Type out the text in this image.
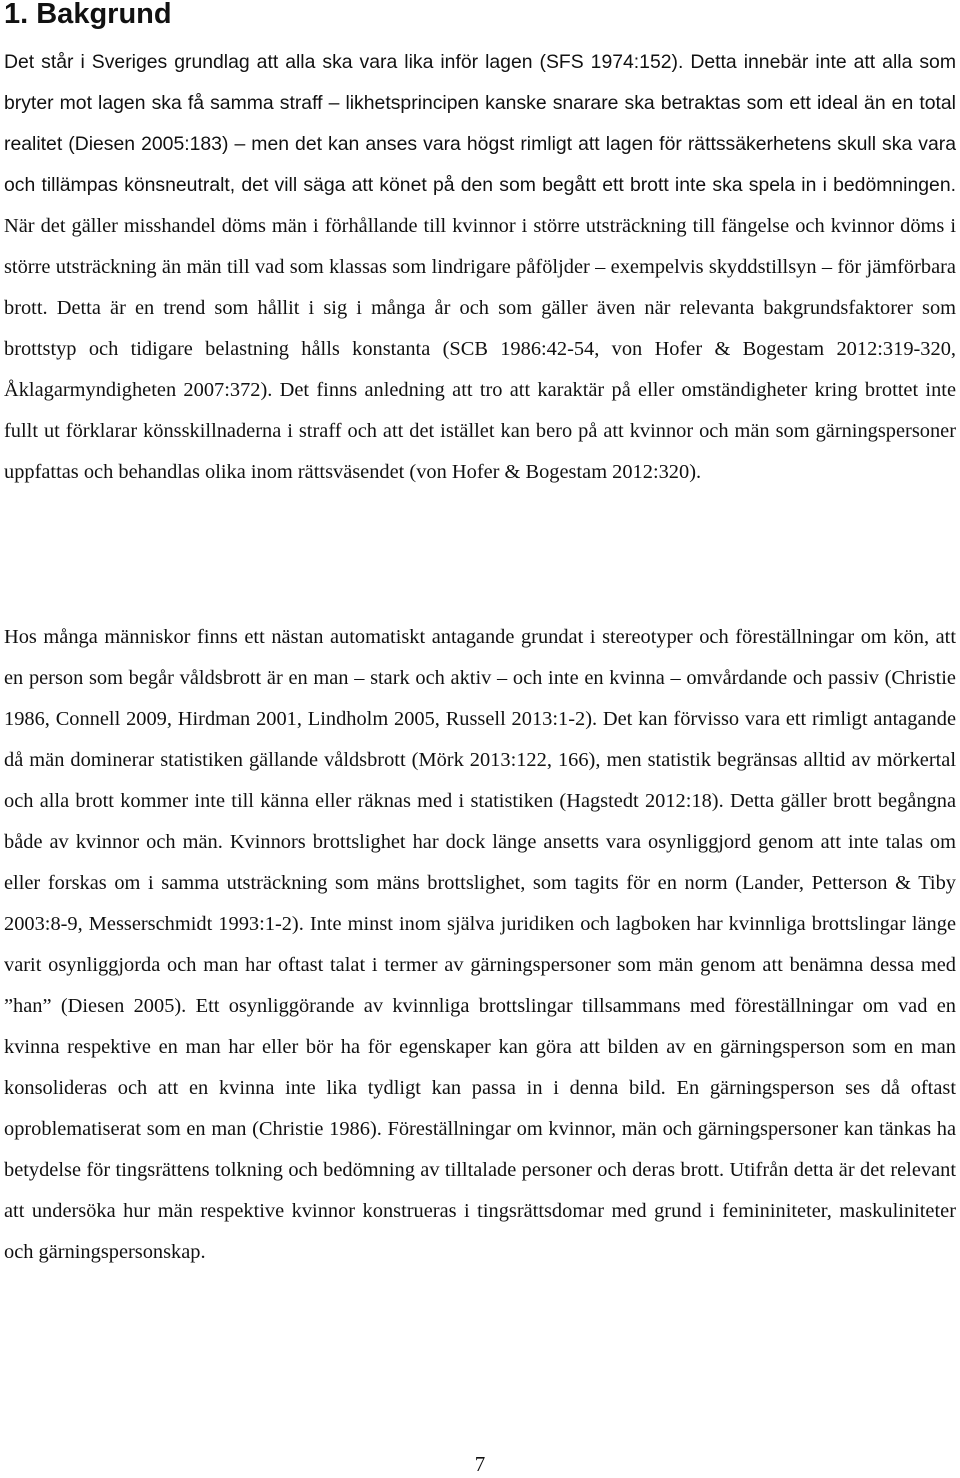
1. Bakgrund

Det står i Sveriges grundlag att alla ska vara lika inför lagen (SFS 1974:152). Detta innebär inte att alla som bryter mot lagen ska få samma straff – likhetsprincipen kanske snarare ska betraktas som ett ideal än en total realitet (Diesen 2005:183) – men det kan anses vara högst rimligt att lagen för rättssäkerhetens skull ska vara och tillämpas könsneutralt, det vill säga att könet på den som begått ett brott inte ska spela in i bedömningen. När det gäller misshandel döms män i förhållande till kvinnor i större utsträckning till fängelse och kvinnor döms i större utsträckning än män till vad som klassas som lindrigare påföljder – exempelvis skyddstillsyn – för jämförbara brott. Detta är en trend som hållit i sig i många år och som gäller även när relevanta bakgrundsfaktorer som brottstyp och tidigare belastning hålls konstanta (SCB 1986:42-54, von Hofer & Bogestam 2012:319-320, Åklagarmyndigheten 2007:372). Det finns anledning att tro att karaktär på eller omständigheter kring brottet inte fullt ut förklarar könsskillnaderna i straff och att det istället kan bero på att kvinnor och män som gärningspersoner uppfattas och behandlas olika inom rättsväsendet (von Hofer & Bogestam 2012:320).

Hos många människor finns ett nästan automatiskt antagande grundat i stereotyper och föreställningar om kön, att en person som begår våldsbrott är en man – stark och aktiv – och inte en kvinna – omvårdande och passiv (Christie 1986, Connell 2009, Hirdman 2001, Lindholm 2005, Russell 2013:1-2). Det kan förvisso vara ett rimligt antagande då män dominerar statistiken gällande våldsbrott (Mörk 2013:122, 166), men statistik begränsas alltid av mörkertal och alla brott kommer inte till känna eller räknas med i statistiken (Hagstedt 2012:18). Detta gäller brott begångna både av kvinnor och män. Kvinnors brottslighet har dock länge ansetts vara osynliggjord genom att inte talas om eller forskas om i samma utsträckning som mäns brottslighet, som tagits för en norm (Lander, Petterson & Tiby 2003:8-9, Messerschmidt 1993:1-2). Inte minst inom själva juridiken och lagboken har kvinnliga brottslingar länge varit osynliggjorda och man har oftast talat i termer av gärningspersoner som män genom att benämna dessa med ”han” (Diesen 2005). Ett osynliggörande av kvinnliga brottslingar tillsammans med föreställningar om vad en kvinna respektive en man har eller bör ha för egenskaper kan göra att bilden av en gärningsperson som en man konsolideras och att en kvinna inte lika tydligt kan passa in i denna bild. En gärningsperson ses då oftast oproblematiserat som en man (Christie 1986). Föreställningar om kvinnor, män och gärningspersoner kan tänkas ha betydelse för tingsrättens tolkning och bedömning av tilltalade personer och deras brott. Utifrån detta är det relevant att undersöka hur män respektive kvinnor konstrueras i tingsrättsdomar med grund i femininiteter, maskuliniteter och gärningspersonskap.

7
